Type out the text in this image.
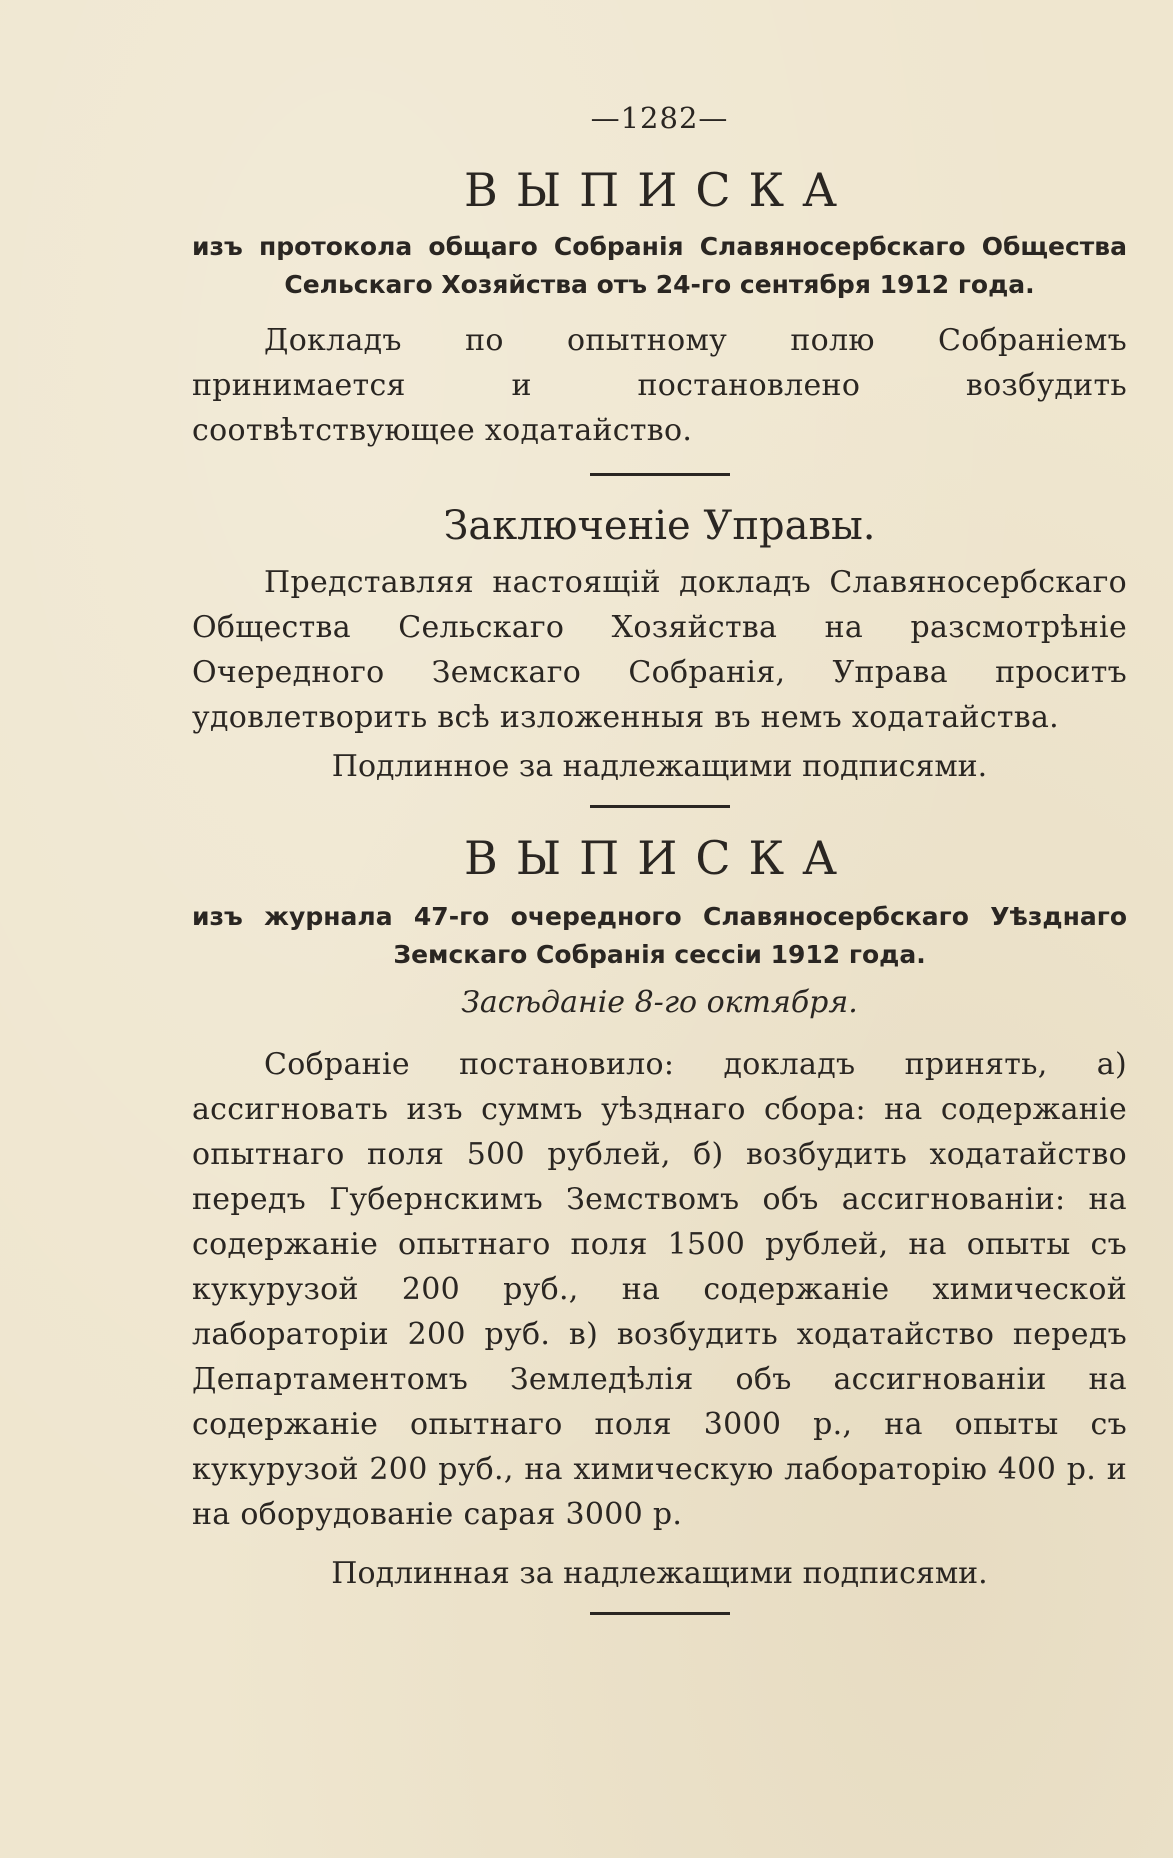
—1282—

ВЫПИСКА

изъ протокола общаго Собранія Славяносербскаго Общества Сельскаго Хозяйства отъ 24-го сентября 1912 года.

Докладъ по опытному полю Собраніемъ принимается и постановлено возбудить соотвѣтствующее ходатайство.

Заключеніе Управы.

Представляя настоящій докладъ Славяносербскаго Общества Сельскаго Хозяйства на разсмотрѣніе Очередного Земскаго Собранія, Управа проситъ удовлетворить всѣ изложенныя въ немъ ходатайства.

Подлинное за надлежащими подписями.

ВЫПИСКА

изъ журнала 47-го очередного Славяносербскаго Уѣзднаго Земскаго Собранія сессіи 1912 года.

Засѣданіе 8-го октября.

Собраніе постановило: докладъ принять, а) ассигновать изъ суммъ уѣзднаго сбора: на содержаніе опытнаго поля 500 рублей, б) возбудить ходатайство передъ Губернскимъ Земствомъ объ ассигнованіи: на содержаніе опытнаго поля 1500 рублей, на опыты съ кукурузой 200 руб., на содержаніе химической лабораторіи 200 руб. в) возбудить ходатайство передъ Департаментомъ Земледѣлія объ ассигнованіи на содержаніе опытнаго поля 3000 р., на опыты съ кукурузой 200 руб., на химическую лабораторію 400 р. и на оборудованіе сарая 3000 р.

Подлинная за надлежащими подписями.
